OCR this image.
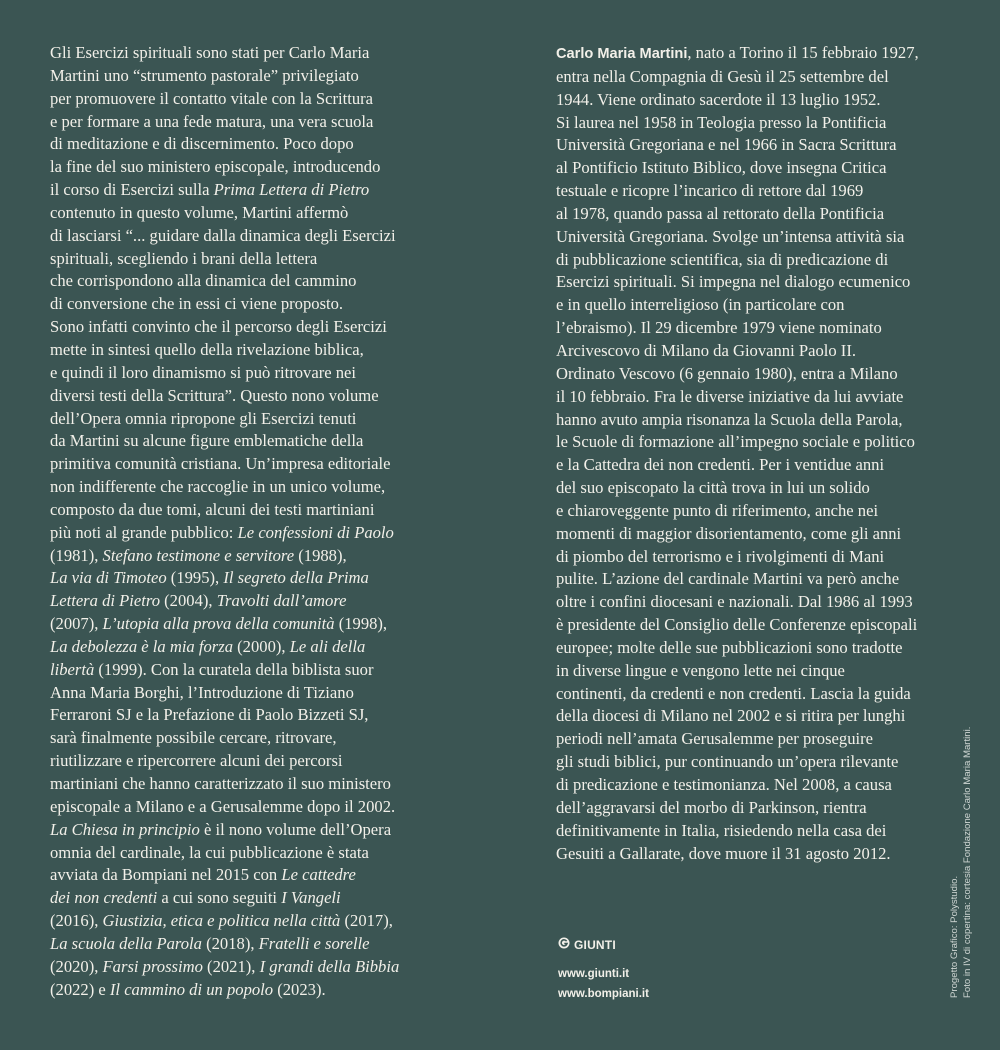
Gli Esercizi spirituali sono stati per Carlo Maria
Martini uno “strumento pastorale” privilegiato
per promuovere il contatto vitale con la Scrittura
e per formare a una fede matura, una vera scuola
di meditazione e di discernimento. Poco dopo
la fine del suo ministero episcopale, introducendo
il corso di Esercizi sulla Prima Lettera di Pietro
contenuto in questo volume, Martini affermò
di lasciarsi “... guidare dalla dinamica degli Esercizi
spirituali, scegliendo i brani della lettera
che corrispondono alla dinamica del cammino
di conversione che in essi ci viene proposto.
Sono infatti convinto che il percorso degli Esercizi
mette in sintesi quello della rivelazione biblica,
e quindi il loro dinamismo si può ritrovare nei
diversi testi della Scrittura”. Questo nono volume
dell’Opera omnia ripropone gli Esercizi tenuti
da Martini su alcune figure emblematiche della
primitiva comunità cristiana. Un’impresa editoriale
non indifferente che raccoglie in un unico volume,
composto da due tomi, alcuni dei testi martiniani
più noti al grande pubblico: Le confessioni di Paolo
(1981), Stefano testimone e servitore (1988),
La via di Timoteo (1995), Il segreto della Prima
Lettera di Pietro (2004), Travolti dall’amore
(2007), L’utopia alla prova della comunità (1998),
La debolezza è la mia forza (2000), Le ali della
libertà (1999). Con la curatela della biblista suor
Anna Maria Borghi, l’Introduzione di Tiziano
Ferraroni SJ e la Prefazione di Paolo Bizzeti SJ,
sarà finalmente possibile cercare, ritrovare,
riutilizzare e ripercorrere alcuni dei percorsi
martiniani che hanno caratterizzato il suo ministero
episcopale a Milano e a Gerusalemme dopo il 2002.
La Chiesa in principio è il nono volume dell’Opera
omnia del cardinale, la cui pubblicazione è stata
avviata da Bompiani nel 2015 con Le cattedre
dei non credenti a cui sono seguiti I Vangeli
(2016), Giustizia, etica e politica nella città (2017),
La scuola della Parola (2018), Fratelli e sorelle
(2020), Farsi prossimo (2021), I grandi della Bibbia
(2022) e Il cammino di un popolo (2023).
Carlo Maria Martini, nato a Torino il 15 febbraio 1927,
entra nella Compagnia di Gesù il 25 settembre del
1944. Viene ordinato sacerdote il 13 luglio 1952.
Si laurea nel 1958 in Teologia presso la Pontificia
Università Gregoriana e nel 1966 in Sacra Scrittura
al Pontificio Istituto Biblico, dove insegna Critica
testuale e ricopre l’incarico di rettore dal 1969
al 1978, quando passa al rettorato della Pontificia
Università Gregoriana. Svolge un’intensa attività sia
di pubblicazione scientifica, sia di predicazione di
Esercizi spirituali. Si impegna nel dialogo ecumenico
e in quello interreligioso (in particolare con
l’ebraismo). Il 29 dicembre 1979 viene nominato
Arcivescovo di Milano da Giovanni Paolo II.
Ordinato Vescovo (6 gennaio 1980), entra a Milano
il 10 febbraio. Fra le diverse iniziative da lui avviate
hanno avuto ampia risonanza la Scuola della Parola,
le Scuole di formazione all’impegno sociale e politico
e la Cattedra dei non credenti. Per i ventidue anni
del suo episcopato la città trova in lui un solido
e chiaroveggente punto di riferimento, anche nei
momenti di maggior disorientamento, come gli anni
di piombo del terrorismo e i rivolgimenti di Mani
pulite. L’azione del cardinale Martini va però anche
oltre i confini diocesani e nazionali. Dal 1986 al 1993
è presidente del Consiglio delle Conferenze episcopali
europee; molte delle sue pubblicazioni sono tradotte
in diverse lingue e vengono lette nei cinque
continenti, da credenti e non credenti. Lascia la guida
della diocesi di Milano nel 2002 e si ritira per lunghi
periodi nell’amata Gerusalemme per proseguire
gli studi biblici, pur continuando un’opera rilevante
di predicazione e testimonianza. Nel 2008, a causa
dell’aggravarsi del morbo di Parkinson, rientra
definitivamente in Italia, risiedendo nella casa dei
Gesuiti a Gallarate, dove muore il 31 agosto 2012.
GIUNTI
www.giunti.it
www.bompiani.it	Progetto Grafico: Polystudio. Foto in IV di copertina: cortesia Fondazione Carlo Maria Martini.
